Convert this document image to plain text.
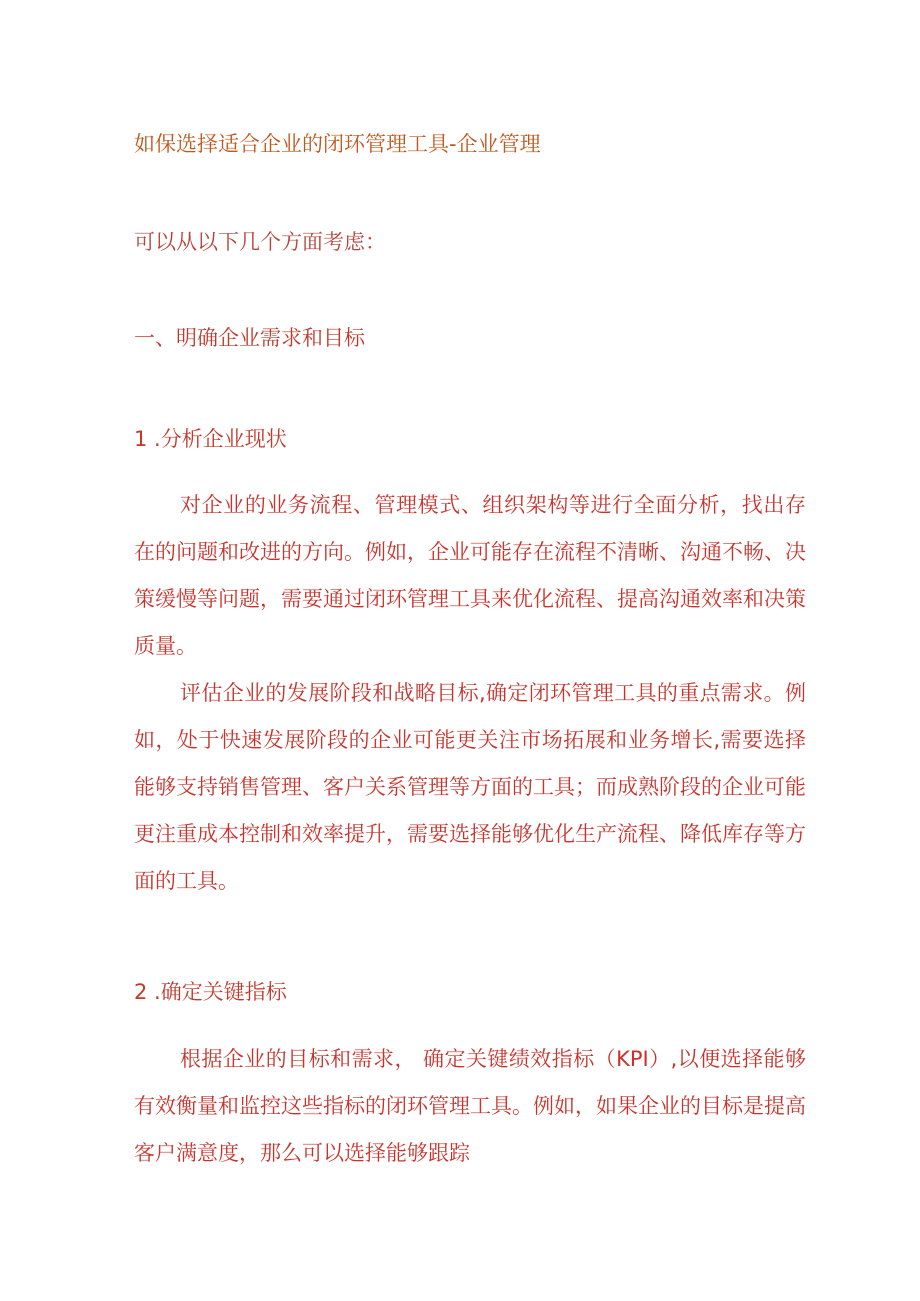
如保选择适合企业的闭环管理工具-企业管理
可以从以下几个方面考虑：
一、明确企业需求和目标
1 .分析企业现状
对企业的业务流程、管理模式、组织架构等进行全面分析，找出存在的问题和改进的方向。例如，企业可能存在流程不清晰、沟通不畅、决策缓慢等问题，需要通过闭环管理工具来优化流程、提高沟通效率和决策质量。
评估企业的发展阶段和战略目标,确定闭环管理工具的重点需求。例如，处于快速发展阶段的企业可能更关注市场拓展和业务增长,需要选择能够支持销售管理、客户关系管理等方面的工具；而成熟阶段的企业可能更注重成本控制和效率提升，需要选择能够优化生产流程、降低库存等方面的工具。
2 .确定关键指标
根据企业的目标和需求， 确定关键绩效指标（KPI）,以便选择能够有效衡量和监控这些指标的闭环管理工具。例如，如果企业的目标是提高客户满意度，那么可以选择能够跟踪
